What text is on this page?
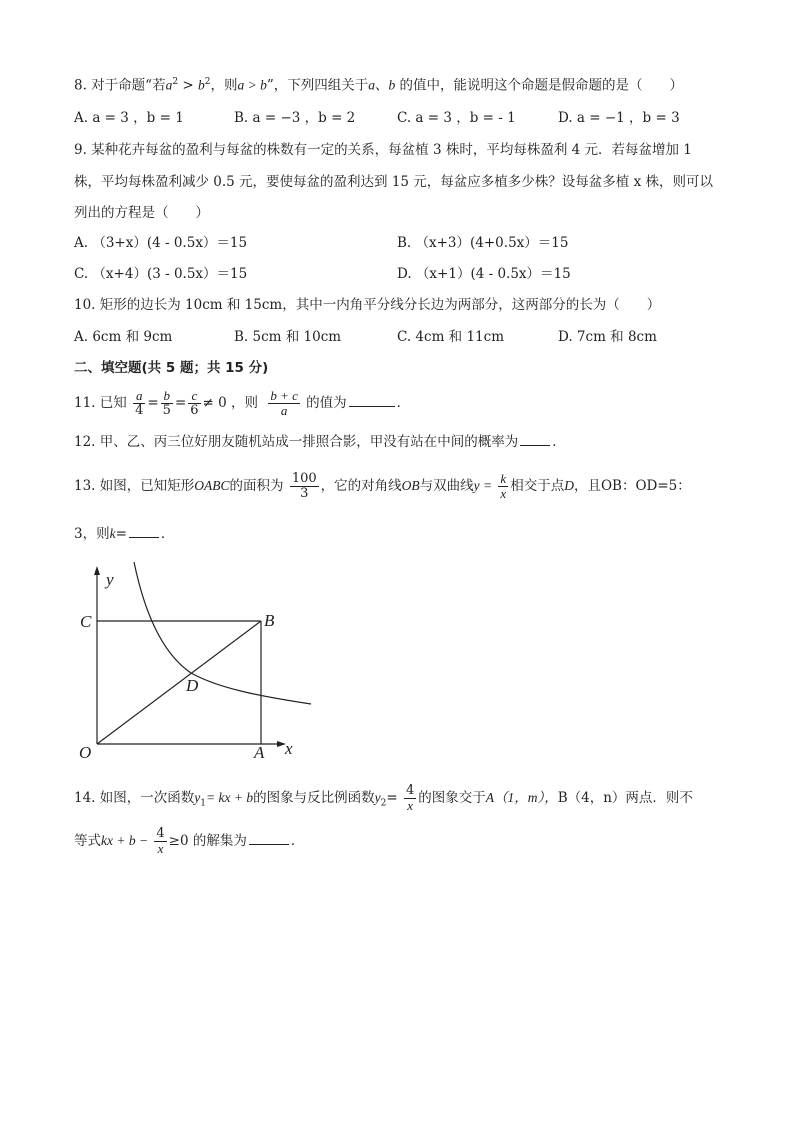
8. 对于命题“若$a^2 > b^2$，则a > b”，下列四组关于a、b 的值中，能说明这个命题是假命题的是（　　）
A. a = 3 ，b = 1	B. a = −3 ，b = 2	C. a = 3 ，b = - 1	D. a = −1 ，b = 3
9. 某种花卉每盆的盈利与每盆的株数有一定的关系，每盆植 3 株时，平均每株盈利 4 元．若每盆增加 1
株，平均每株盈利减少 0.5 元，要使每盆的盈利达到 15 元，每盆应多植多少株？设每盆多植 x 株，则可以
列出的方程是（　　）
A. （3+x）(4 - 0.5x）＝15	B. （x+3）(4+0.5x）＝15
C. （x+4）(3 - 0.5x）＝15	D. （x+1）(4 - 0.5x）＝15
10. 矩形的边长为 10cm 和 15cm，其中一内角平分线分长边为两部分，这两部分的长为（　　）
A. 6cm 和 9cm	B. 5cm 和 10cm	C. 4cm 和 11cm	D. 7cm 和 8cm
二、填空题(共 5 题；共 15 分)
11. 已知 $\frac{a}{4} = \frac{b}{5} = \frac{c}{6} \ne 0$ ，则 $\frac{b + c}{a}$ 的值为	．
12. 甲、乙、丙三位好朋友随机站成一排照合影，甲没有站在中间的概率为	．
13. 如图，已知矩形OABC的面积为 $\frac{100}{3}$ ，它的对角线OB与双曲线$y = \frac{k}{x}$ 相交于点D，且OB：OD=5：
3，则k=	．
y
C	B
D
O	A x
14. 如图，一次函数$y_1=$ kx + b的图象与反比例函数$y_2= \frac{4}{x}$ 的图象交于A（1，m），B（4，n）两点．则不
等式kx + $b - \frac{4}{x} \ge 0$ 的解集为	．
